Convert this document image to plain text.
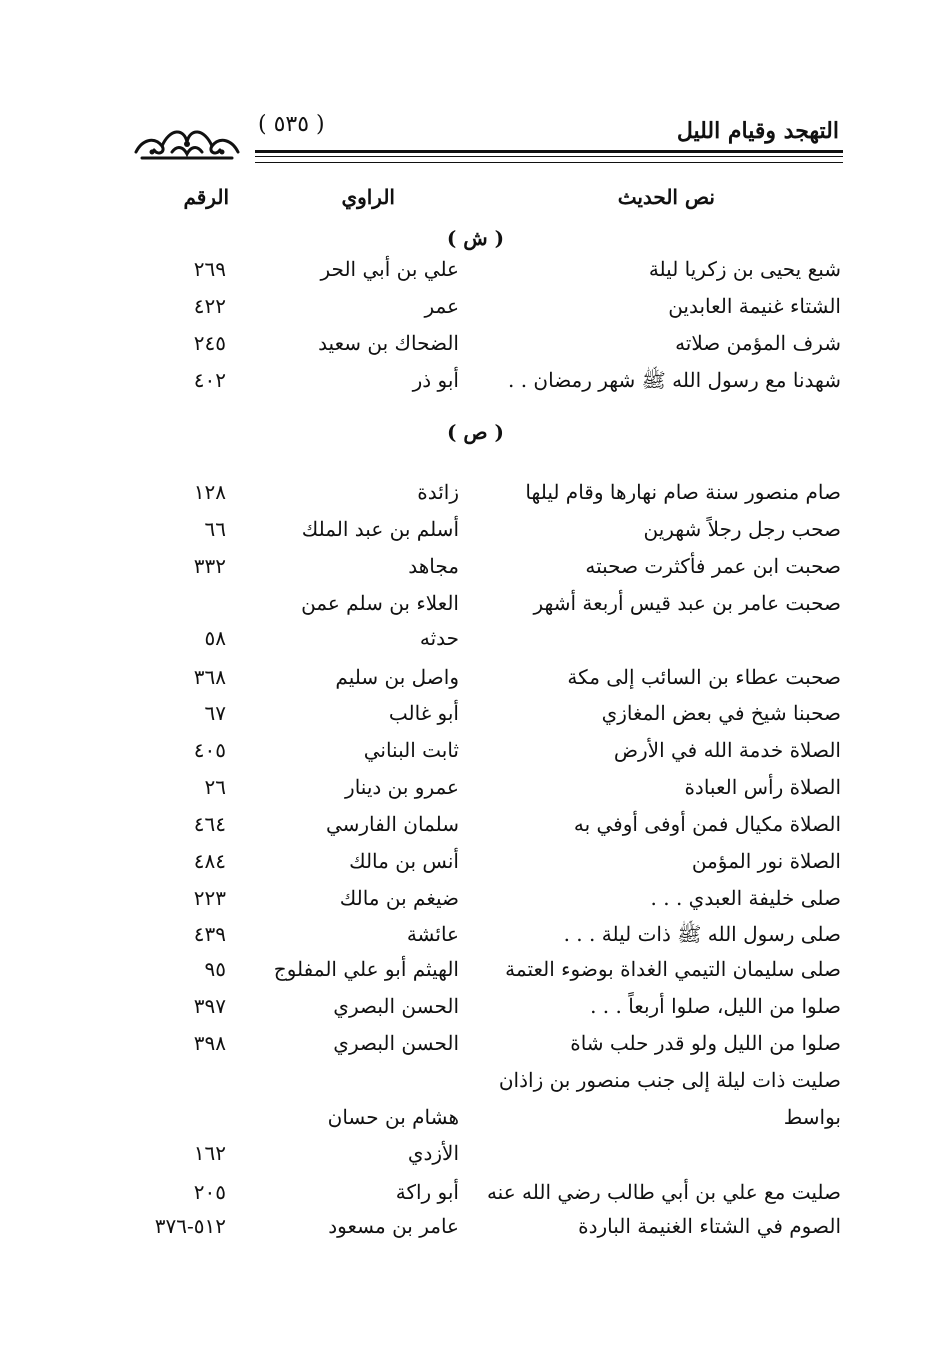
التهجد وقيام الليل
( ٥٣٥ )
نص الحديث
الراوي
الرقم
( ش )
شبع يحيى بن زكريا ليلة
علي بن أبي الحر
٢٦٩
الشتاء غنيمة العابدين
عمر
٤٢٢
شرف المؤمن صلاته
الضحاك بن سعيد
٢٤٥
شهدنا مع رسول الله ﷺ شهر رمضان . .
أبو ذر
٤٠٢
( ص )
صام منصور سنة صام نهارها وقام ليلها
زائدة
١٢٨
صحب رجل رجلاً شهرين
أسلم بن عبد الملك
٦٦
صحبت ابن عمر فأكثرت صحبته
مجاهد
٣٣٢
صحبت عامر بن عبد قيس أربعة أشهر
العلاء بن سلم عمن
حدثه
٥٨
صحبت عطاء بن السائب إلى مكة
واصل بن سليم
٣٦٨
صحبنا شيخ في بعض المغازي
أبو غالب
٦٧
الصلاة خدمة الله في الأرض
ثابت البناني
٤٠٥
الصلاة رأس العبادة
عمرو بن دينار
٢٦
الصلاة مكيال فمن أوفى أوفي به
سلمان الفارسي
٤٦٤
الصلاة نور المؤمن
أنس بن مالك
٤٨٤
صلى خليفة العبدي . . .
ضيغم بن مالك
٢٢٣
صلى رسول الله ﷺ ذات ليلة . . .
عائشة
٤٣٩
صلى سليمان التيمي الغداة بوضوء العتمة
الهيثم أبو علي المفلوج
٩٥
صلوا من الليل، صلوا أربعاً . . .
الحسن البصري
٣٩٧
صلوا من الليل ولو قدر حلب شاة
الحسن البصري
٣٩٨
صليت ذات ليلة إلى جنب منصور بن زاذان
بواسط
هشام بن حسان
الأزدي
١٦٢
صليت مع علي بن أبي طالب رضي الله عنه
أبو راكة
٢٠٥
الصوم في الشتاء الغنيمة الباردة
عامر بن مسعود
٥١٢-٣٧٦
